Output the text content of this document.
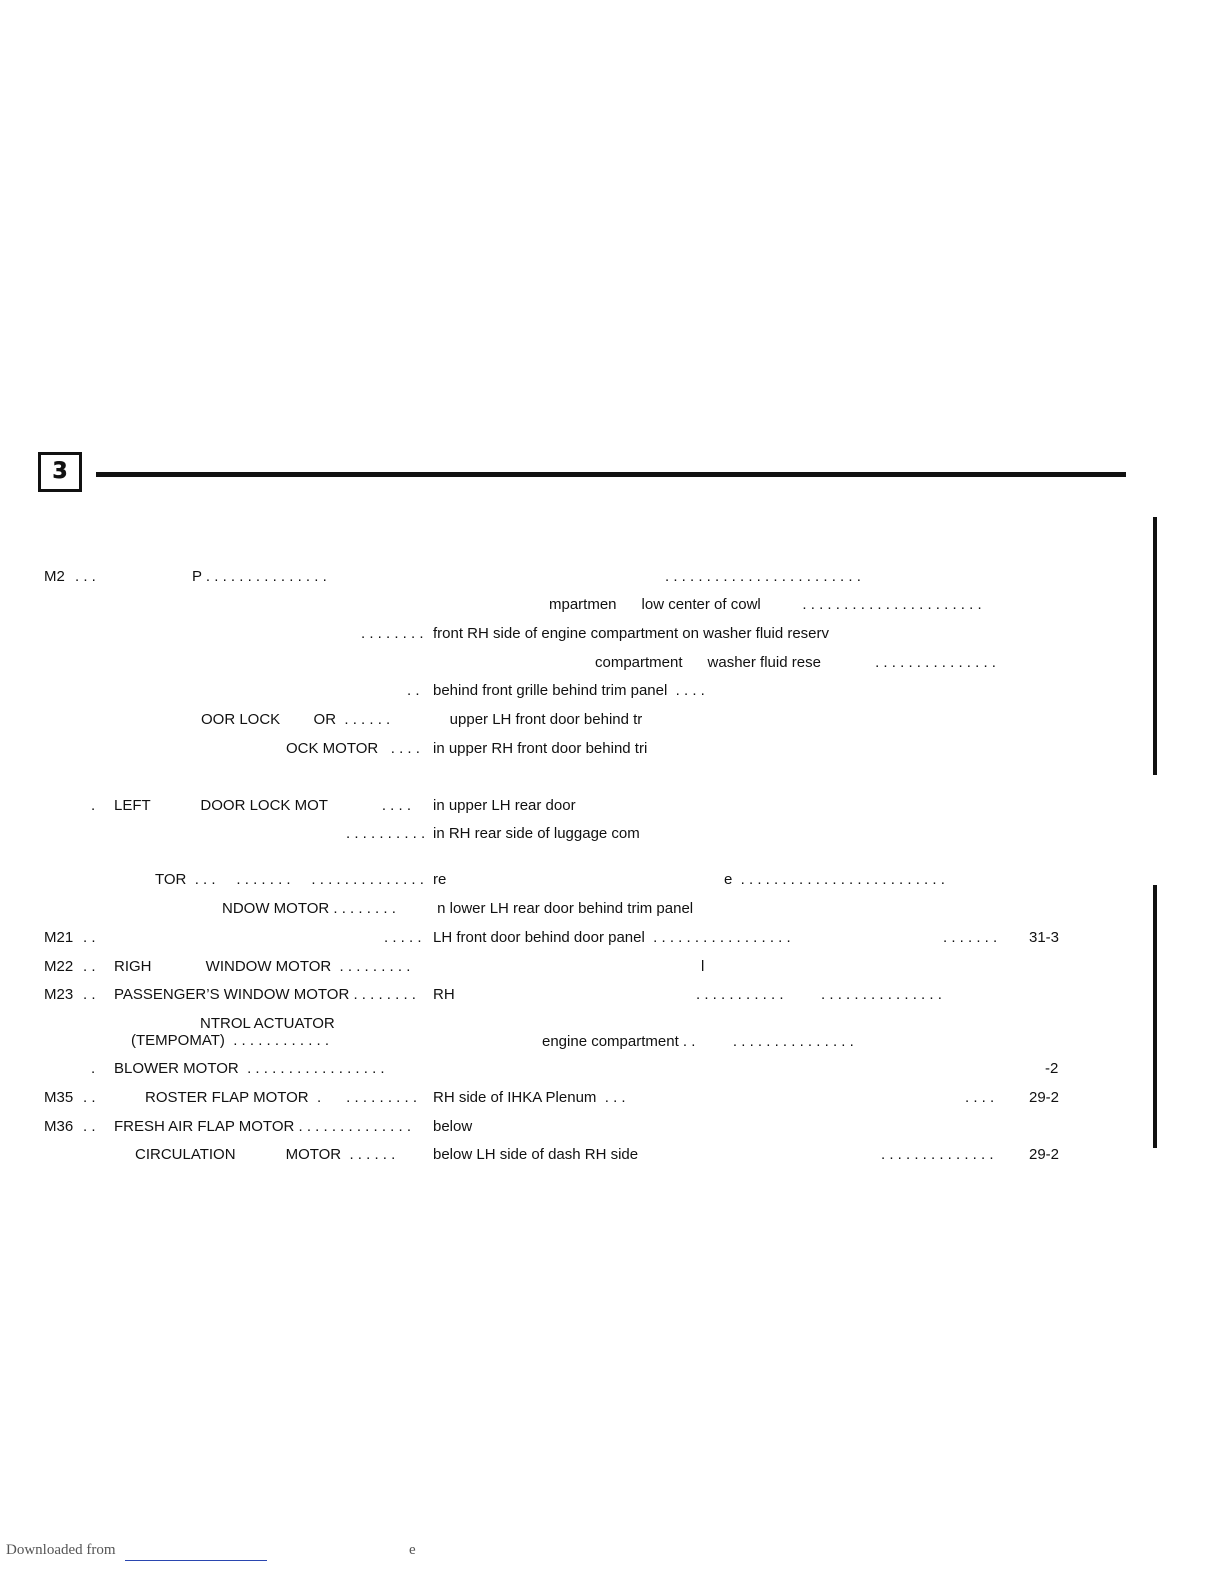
3
M2 . . .	P . . . . . . . . . . . . . . .	. . . . . . . . . . . . . . . . . . . . . . . .
mpartmen      low center of cowl          . . . . . . . . . . . . . . . . . . . . . .
. . . . . . . . front RH side of engine compartment on washer fluid reserv
compartment      washer fluid rese             . . . . . . . . . . . . . . .
. . behind front grille behind trim panel  . . . .
OOR LOCK        OR  . . . . . .	upper LH front door behind tr
OCK MOTOR   . . . . in upper RH front door behind tri
. LEFT            DOOR LOCK MOT             . . . . in upper LH rear door
. . . . . . . . . . in RH rear side of luggage com
TOR  . . .     . . . . . . .     . . . . . . . . . . . . . . re	e  . . . . . . . . . . . . . . . . . . . . . . . . .
NDOW MOTOR . . . . . . . . n lower LH rear door behind trim panel
M21 . .	. . . . . LH front door behind door panel  . . . . . . . . . . . . . . . . .	. . . . . . . 31-3
M22 . . RIGH             WINDOW MOTOR  . . . . . . . . .	l
M23 . . PASSENGER’S WINDOW MOTOR . . . . . . . . RH	. . . . . . . . . . .         . . . . . . . . . . . . . . .
NTROL ACTUATOR
(TEMPOMAT)  . . . . . . . . . . . .	engine compartment . .         . . . . . . . . . . . . . . .
. BLOWER MOTOR  . . . . . . . . . . . . . . . . .	-2
M35 . .	ROSTER FLAP MOTOR  .      . . . . . . . . . RH side of IHKA Plenum  . . .	. . . . 29-2
M36 . . FRESH AIR FLAP MOTOR . . . . . . . . . . . . . . below
CIRCULATION            MOTOR  . . . . . .	below LH side of dash RH side	. . . . . . . . . . . . . . 29-2
Downloaded from	e
